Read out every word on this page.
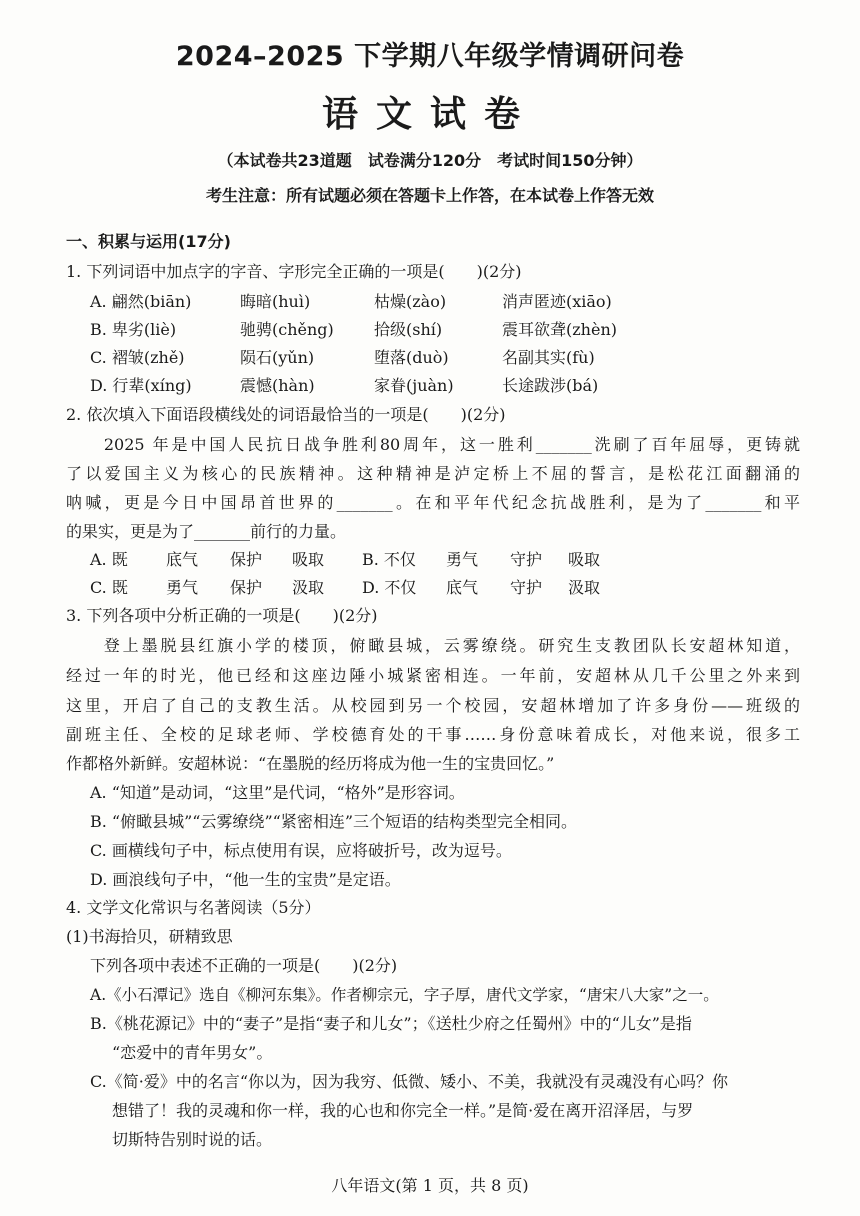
2024–2025 下学期八年级学情调研问卷
语文试卷
（本试卷共23道题　试卷满分120分　考试时间150分钟）
考生注意：所有试题必须在答题卡上作答，在本试卷上作答无效
一、积累与运用(17分)
1. 下列词语中加点字的字音、字形完全正确的一项是(　　)(2分)
A. 翩然(biān)	晦暗(huì)	枯燥(zào)	消声匿迹(xiāo)
B. 卑劣(liè)	驰骋(chěng)	拾级(shí)	震耳欲聋(zhèn)
C. 褶皱(zhě)	陨石(yǔn)	堕落(duò)	名副其实(fù)
D. 行辈(xíng)	震憾(hàn)	家眷(juàn)	长途跋涉(bá)
2. 依次填入下面语段横线处的词语最恰当的一项是(　　)(2分)
　　2025 年是中国人民抗日战争胜利80周年，这一胜利_______洗刷了百年屈辱，更铸就
了以爱国主义为核心的民族精神。这种精神是泸定桥上不屈的誓言，是松花江面翻涌的
呐喊，更是今日中国昂首世界的_______。在和平年代纪念抗战胜利，是为了_______和平
的果实，更是为了_______前行的力量。
A. 既 底气 保护 吸取 B. 不仅 勇气 守护 吸取
C. 既 勇气 保护 汲取 D. 不仅 底气 守护 汲取
3. 下列各项中分析正确的一项是(　　)(2分)
　　登上墨脱县红旗小学的楼顶，俯瞰县城，云雾缭绕。研究生支教团队长安超林知道，
经过一年的时光，他已经和这座边陲小城紧密相连。一年前，安超林从几千公里之外来到
这里，开启了自己的支教生活。从校园到另一个校园，安超林增加了许多身份——班级的
副班主任、全校的足球老师、学校德育处的干事……身份意味着成长，对他来说，很多工
作都格外新鲜。安超林说：“在墨脱的经历将成为他一生的宝贵回忆。”
A. “知道”是动词，“这里”是代词，“格外”是形容词。
B. “俯瞰县城”“云雾缭绕”“紧密相连”三个短语的结构类型完全相同。
C. 画横线句子中，标点使用有误，应将破折号，改为逗号。
D. 画浪线句子中，“他一生的宝贵”是定语。
4. 文学文化常识与名著阅读（5分）
(1)书海拾贝，研精致思
下列各项中表述不正确的一项是(　　)(2分)
A.《小石潭记》选自《柳河东集》。作者柳宗元，字子厚，唐代文学家，“唐宋八大家”之一。
B.《桃花源记》中的“妻子”是指“妻子和儿女”；《送杜少府之任蜀州》中的“儿女”是指
“恋爱中的青年男女”。
C.《简·爱》中的名言“你以为，因为我穷、低微、矮小、不美，我就没有灵魂没有心吗？你
想错了！我的灵魂和你一样，我的心也和你完全一样。”是简·爱在离开沼泽居，与罗
切斯特告别时说的话。
八年语文(第 1 页，共 8 页)
